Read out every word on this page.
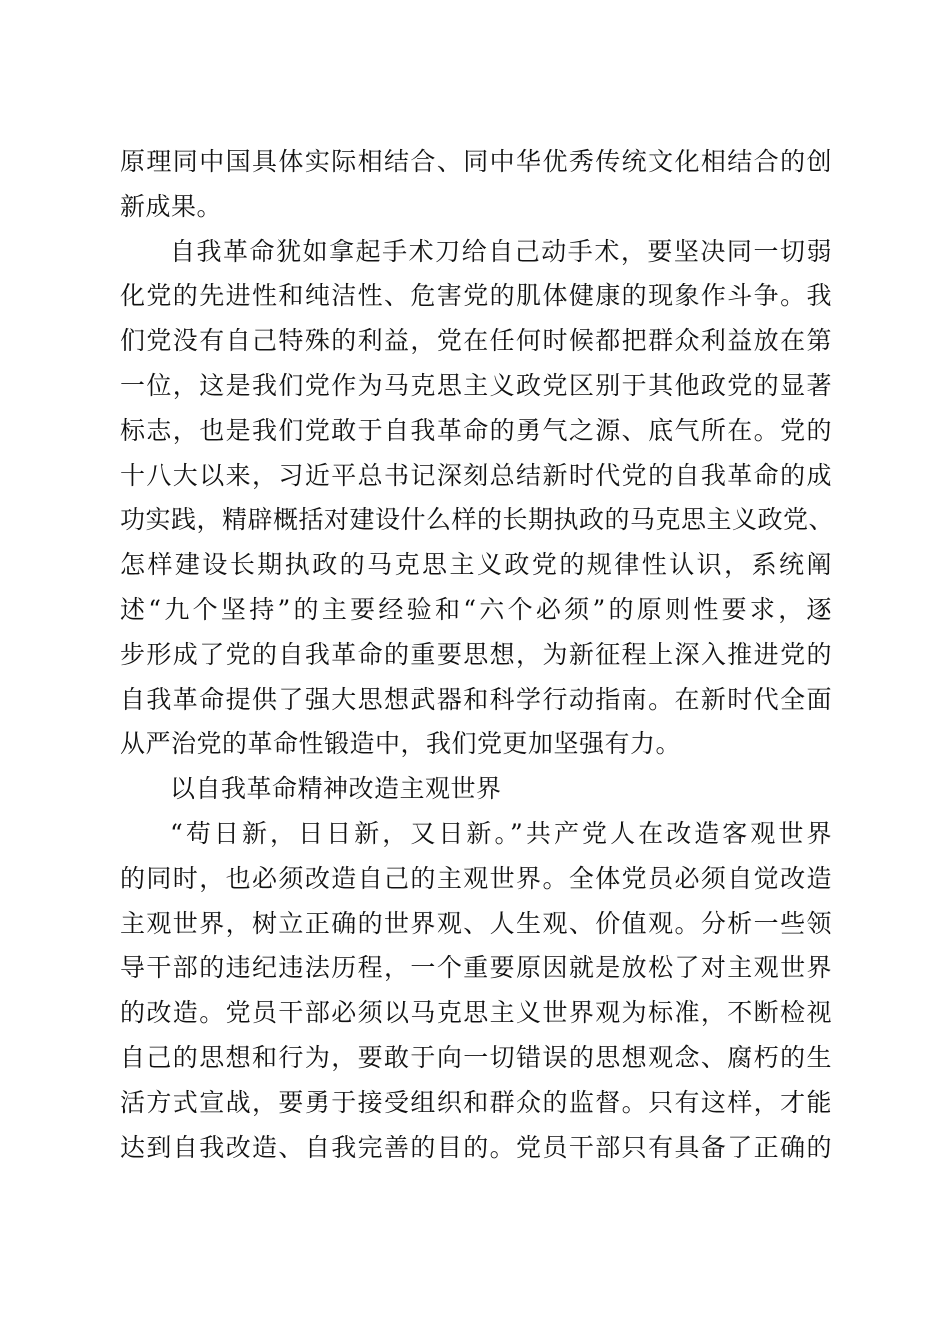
原理同中国具体实际相结合、同中华优秀传统文化相结合的创
新成果。
自我革命犹如拿起手术刀给自己动手术，要坚决同一切弱
化党的先进性和纯洁性、危害党的肌体健康的现象作斗争。我
们党没有自己特殊的利益，党在任何时候都把群众利益放在第
一位，这是我们党作为马克思主义政党区别于其他政党的显著
标志，也是我们党敢于自我革命的勇气之源、底气所在。党的
十八大以来，习近平总书记深刻总结新时代党的自我革命的成
功实践，精辟概括对建设什么样的长期执政的马克思主义政党、
怎样建设长期执政的马克思主义政党的规律性认识，系统阐
述“九个坚持”的主要经验和“六个必须”的原则性要求，逐
步形成了党的自我革命的重要思想，为新征程上深入推进党的
自我革命提供了强大思想武器和科学行动指南。在新时代全面
从严治党的革命性锻造中，我们党更加坚强有力。
以自我革命精神改造主观世界
“苟日新，日日新，又日新。”共产党人在改造客观世界
的同时，也必须改造自己的主观世界。全体党员必须自觉改造
主观世界，树立正确的世界观、人生观、价值观。分析一些领
导干部的违纪违法历程，一个重要原因就是放松了对主观世界
的改造。党员干部必须以马克思主义世界观为标准，不断检视
自己的思想和行为，要敢于向一切错误的思想观念、腐朽的生
活方式宣战，要勇于接受组织和群众的监督。只有这样，才能
达到自我改造、自我完善的目的。党员干部只有具备了正确的
